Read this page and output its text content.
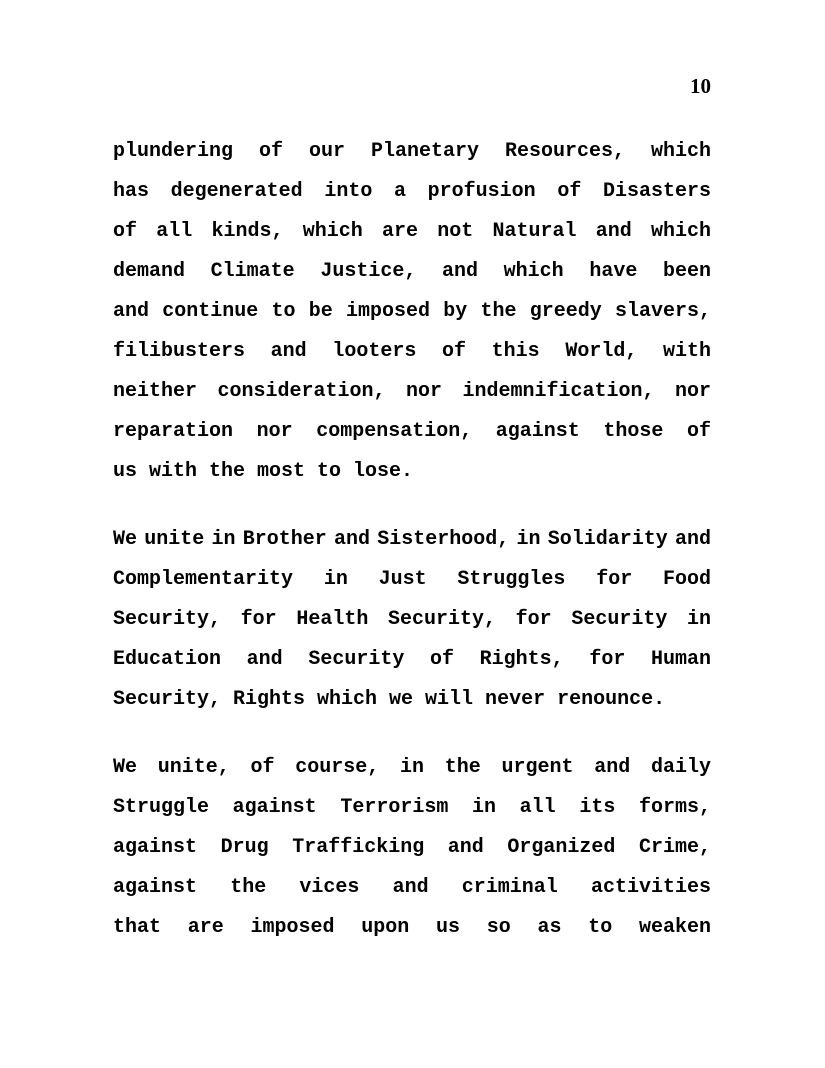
10
plundering of our Planetary Resources, which
has degenerated into a profusion of Disasters
of all kinds, which are not Natural and which
demand Climate Justice, and which have been
and continue to be imposed by the greedy slavers,
filibusters and looters of this World, with
neither consideration, nor indemnification, nor
reparation nor compensation, against those of
us with the most to lose.
We unite in Brother and Sisterhood, in Solidarity and
Complementarity in Just Struggles for Food
Security, for Health Security, for Security in
Education and Security of Rights, for Human
Security, Rights which we will never renounce.
We unite, of course, in the urgent and daily
Struggle against Terrorism in all its forms,
against Drug Trafficking and Organized Crime,
against the vices and criminal activities
that are imposed upon us so as to weaken
